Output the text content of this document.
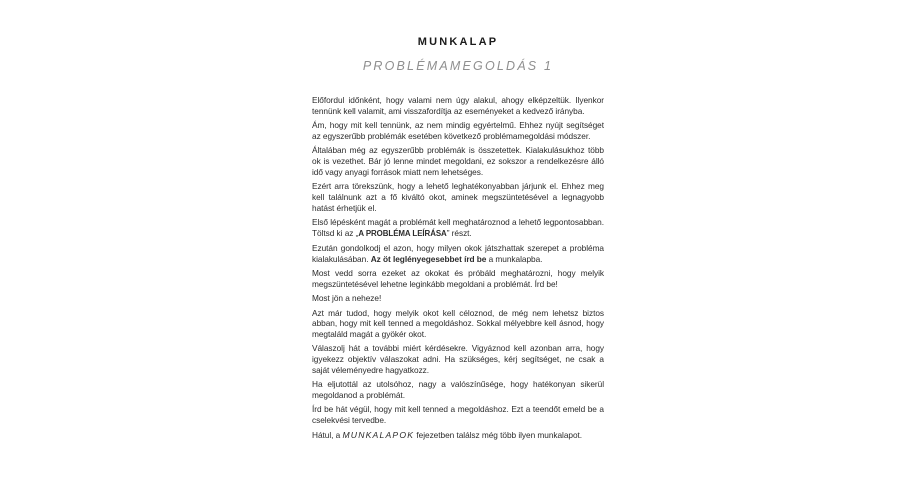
MUNKALAP
PROBLÉMAMEGOLDÁS 1

Előfordul időnként, hogy valami nem úgy alakul, ahogy elképzeltük. Ilyenkor tennünk kell valamit, ami visszafordítja az eseményeket a kedvező irányba.

Ám, hogy mit kell tennünk, az nem mindig egyértelmű. Ehhez nyújt segítséget az egyszerűbb problémák esetében következő problémamegoldási módszer.

Általában még az egyszerűbb problémák is összetettek. Kialakulásukhoz több ok is vezethet. Bár jó lenne mindet megoldani, ez sokszor a rendelkezésre álló idő vagy anyagi források miatt nem lehetséges.

Ezért arra törekszünk, hogy a lehető leghatékonyabban járjunk el. Ehhez meg kell találnunk azt a fő kiváltó okot, aminek megszüntetésével a legnagyobb hatást érhetjük el.

Első lépésként magát a problémát kell meghatároznod a lehető legpontosabban. Töltsd ki az „A PROBLÉMA LEÍRÁSA” részt.

Ezután gondolkodj el azon, hogy milyen okok játszhattak szerepet a probléma kialakulásában. Az öt leglényegesebbet írd be a munkalapba.

Most vedd sorra ezeket az okokat és próbáld meghatározni, hogy melyik megszüntetésével lehetne leginkább megoldani a problémát. Írd be!

Most jön a neheze!

Azt már tudod, hogy melyik okot kell céloznod, de még nem lehetsz biztos abban, hogy mit kell tenned a megoldáshoz. Sokkal mélyebbre kell ásnod, hogy megtaláld magát a gyökér okot.

Válaszolj hát a további miért kérdésekre. Vigyáznod kell azonban arra, hogy igyekezz objektív válaszokat adni. Ha szükséges, kérj segítséget, ne csak a saját véleményedre hagyatkozz.

Ha eljutottál az utolsóhoz, nagy a valószínűsége, hogy hatékonyan sikerül megoldanod a problémát.

Írd be hát végül, hogy mit kell tenned a megoldáshoz. Ezt a teendőt emeld be a cselekvési tervedbe.

Hátul, a MUNKALAPOK fejezetben találsz még több ilyen munkalapot.
